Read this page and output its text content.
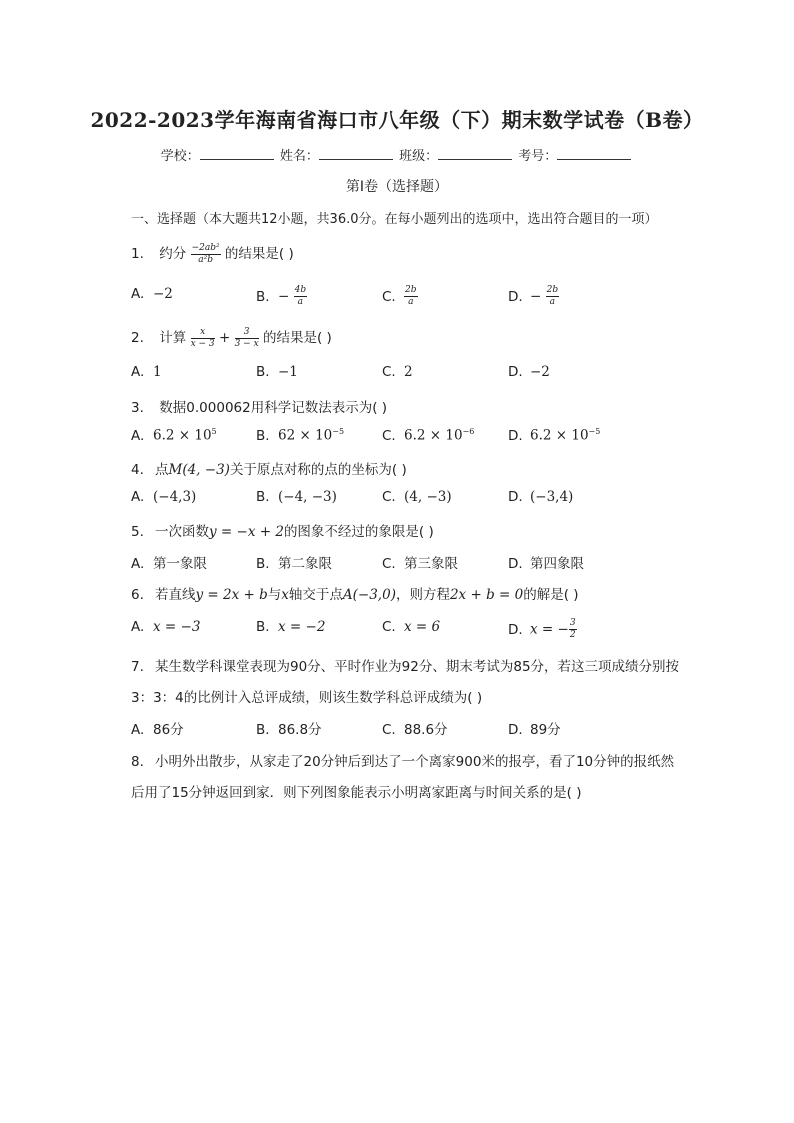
2022-2023学年海南省海口市八年级（下）期末数学试卷（B卷）
学校：	姓名：	班级：	考号：
第Ⅰ卷（选择题）
一、选择题（本大题共12小题，共36.0分。在每小题列出的选项中，选出符合题目的一项）
1. 约分 $\frac{\text{−2ab²}}{\text{a²b}}$ 的结果是( )
A. −2	B. − $\frac{4b}{a}$	C. $\frac{2b}{a}$	D. − $\frac{2b}{a}$
2. 计算 $\frac{x}{x - 3} + \frac{3}{3 - x}$ 的结果是( )
A. 1	B. −1	C. 2	D. −2
3. 数据0.000062用科学记数法表示为( )
A. $6.2 \times 10^5$	B. $62 \times 10^{-5}$	C. $6.2 \times 10^{-6}$ D. $6.2 \times 10^{-5}$
4. 点M(4, −3)关于原点对称的点的坐标为( )
A. (−4,3)	B. (−4, −3)	C. (4, −3)	D. (−3,4)
5. 一次函数y = −x + 2的图象不经过的象限是( )
A. 第一象限	B. 第二象限	C. 第三象限	D. 第四象限
6. 若直线y = 2x + b与x轴交于点A(−3,0)，则方程2x + b = 0的解是( )
A. x = −3	B. x = −2	C. x = 6	D. x = − $\frac{3}{2}$
7. 某生数学科课堂表现为90分、平时作业为92分、期末考试为85分，若这三项成绩分别按
3：3：4的比例计入总评成绩，则该生数学科总评成绩为( )
A. 86分	B. 86.8分	C. 88.6分	D. 89分
8. 小明外出散步，从家走了20分钟后到达了一个离家900米的报亭，看了10分钟的报纸然
后用了15分钟返回到家．则下列图象能表示小明离家距离与时间关系的是( )
